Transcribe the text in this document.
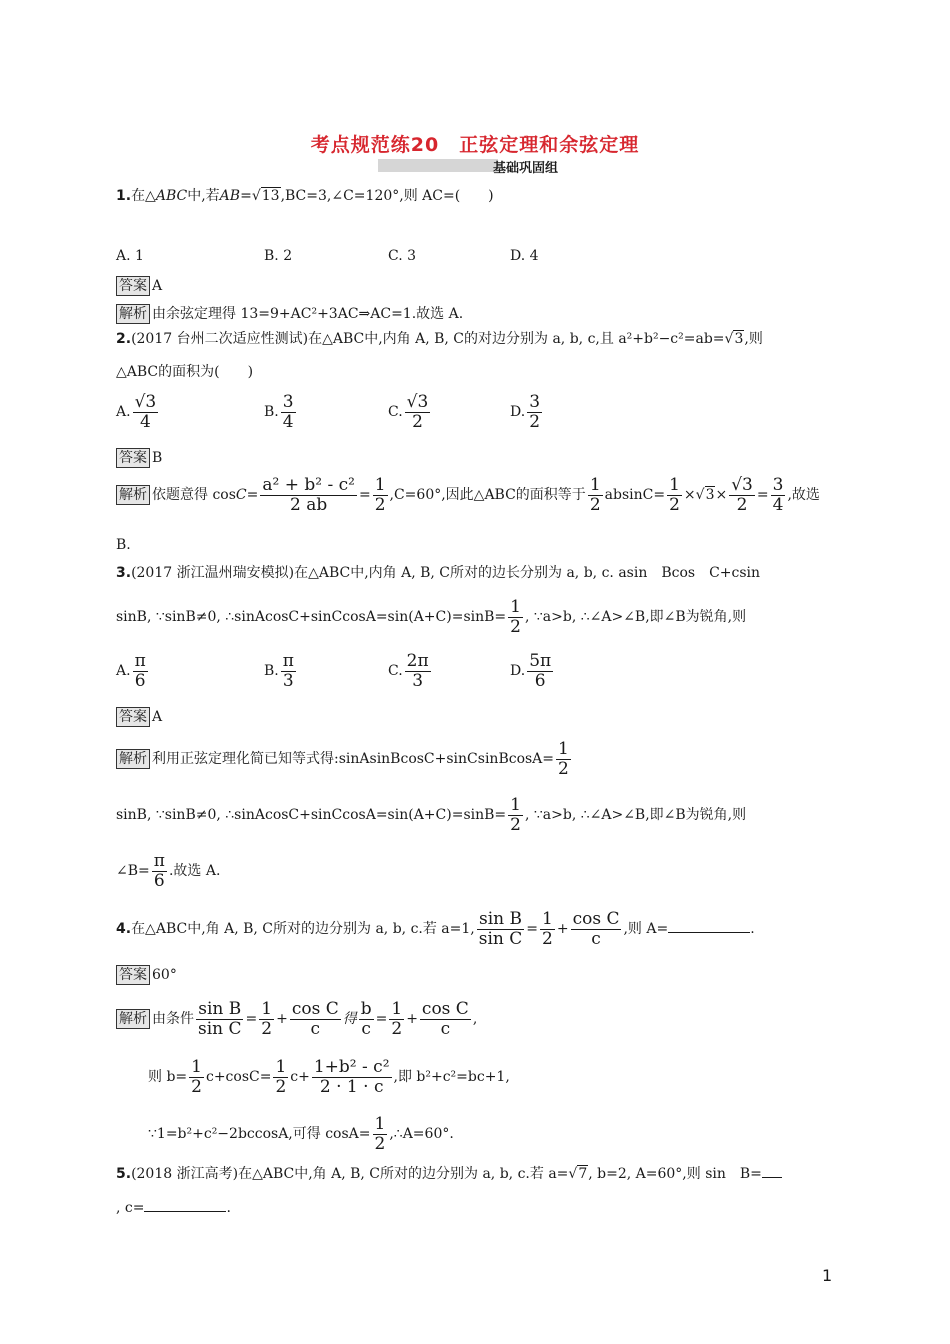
考点规范练20　正弦定理和余弦定理
基础巩固组
1.在△ABC中,若AB=√13,BC=3,∠C=120°,则 AC=(　　)
A. 1	B. 2	C. 3	D. 4
答案 A
解析 由余弦定理得 13=9+AC²+3AC⇒AC=1.故选 A.
2.(2017 台州二次适应性测试)在△ABC中,内角 A, B, C的对边分别为 a, b, c,且 a²+b²−c²=ab=√3,则
△ABC的面积为(　　)
A. $\frac{√3}{4}$	B. $\frac{3}{4}$	C. $\frac{√3}{2}$	D. $\frac{3}{2}$
答案 B
解析 依题意得 $\cos C= \frac{\text{a² + b² - c²}}{2 ab} = \frac{1}{2} ,C=60^\circ$,因此△ABC的面积等于 $\frac{1}{2} absinC= \frac{1}{2} \times√3\times \frac{√3}{2} = \frac{3}{4}$ ,故选
B.
3.(2017 浙江温州瑞安模拟)在△ABC中,内角 A, B, C所对的边长分别为 a, b, c. asin　Bcos　C+csin
sinB, ∵sinB≠0, ∴sinAcosC+sinCcosA=sin(A+C)=sinB= $\frac{1}{2}$ , ∵a>b, ∴∠A>∠B,即∠B为锐角,则
A. $\frac{\pi}{6}$	B. $\frac{\pi}{3}$	C. $\frac{2\pi}{3}$	D. $\frac{5\pi}{6}$
答案 A
解析 利用正弦定理化简已知等式得:sinAsinBcosC+sinCsinBcosA= $\frac{1}{2}$
sinB, ∵sinB≠0, ∴sinAcosC+sinCcosA=sin(A+C)=sinB= $\frac{1}{2}$ , ∵a>b, ∴∠A>∠B,即∠B为锐角,则
∠B= $\frac{\pi}{6}$ .故选 A.
4.在△ABC中,角 A, B, C所对的边分别为 a, b, c.若 a=1, $\frac{\text{sin B}}{\text{sin C}} = \frac{1}{2} + \frac{\text{cos C}}{c}$ ,则 A=	.
答案 60°
解析 由条件 $\frac{\text{sin B}}{\text{sin C}} = \frac{1}{2} + \frac{\text{cos C}}{c}$ 得 $\frac{b}{c} = \frac{1}{2} + \frac{\text{cos C}}{c}$ ,
则 $b= \frac{1}{2} c+\cos C= \frac{1}{2} c+ \frac{\text{1+b² - c²}}{2 \cdot 1 \cdot c}$ ,即 b²+c²=bc+1,
∵1=b²+c²−2bccosA,可得 $\cos A= \frac{1}{2}$ ,∴A=60°.
5.(2018 浙江高考)在△ABC中,角 A, B, C所对的边分别为 a, b, c.若 a=√7, b=2, A=60°,则 sin　B=
, c=	.
1
